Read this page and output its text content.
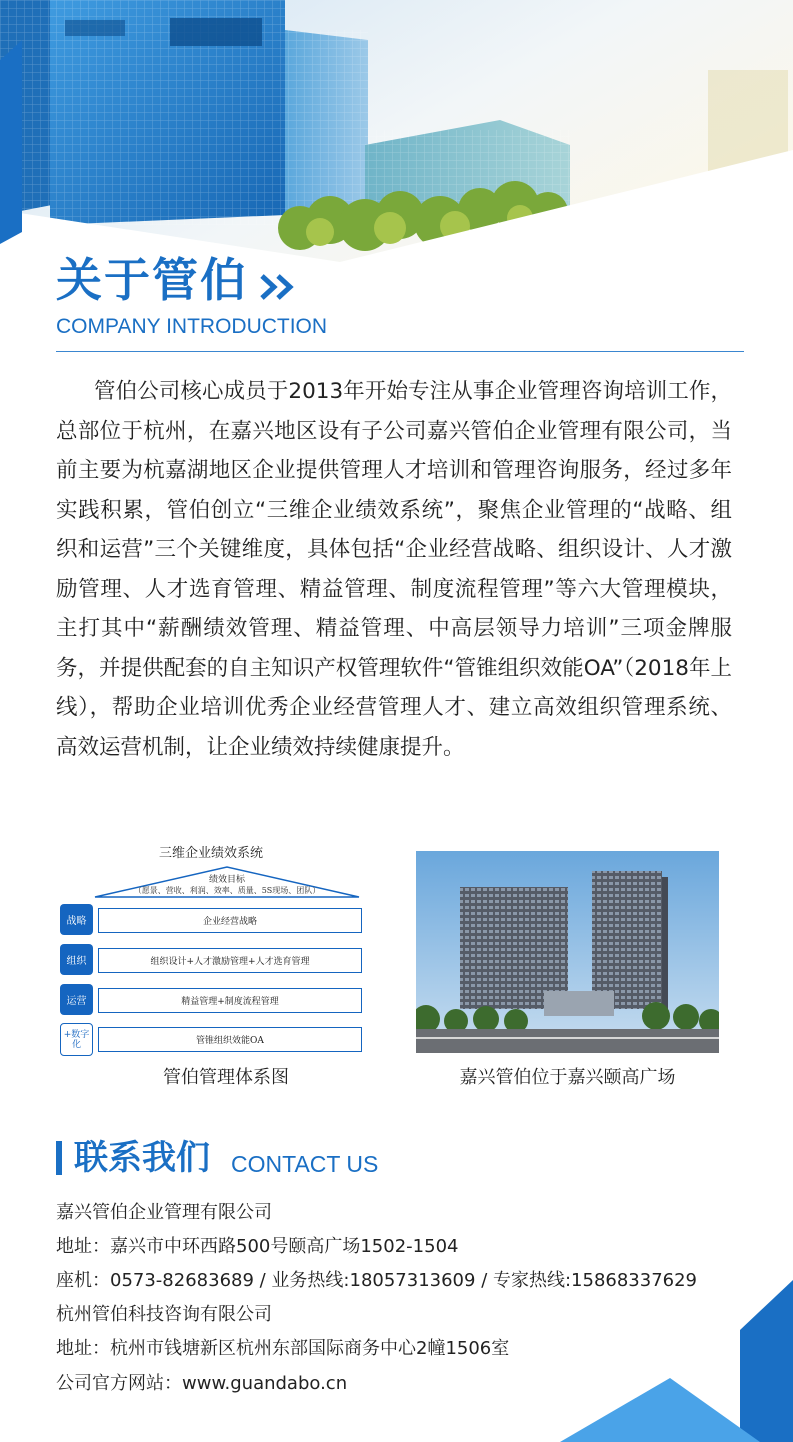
关于管伯
COMPANY INTRODUCTION
管伯公司核心成员于2013年开始专注从事企业管理咨询培训工作，总部位于杭州，在嘉兴地区设有子公司嘉兴管伯企业管理有限公司，当前主要为杭嘉湖地区企业提供管理人才培训和管理咨询服务，经过多年实践积累，管伯创立“三维企业绩效系统”，聚焦企业管理的“战略、组织和运营”三个关键维度，具体包括“企业经营战略、组织设计、人才激励管理、人才选育管理、精益管理、制度流程管理”等六大管理模块，主打其中“薪酬绩效管理、精益管理、中高层领导力培训”三项金牌服务，并提供配套的自主知识产权管理软件“管锥组织效能OA”（2018年上线），帮助企业培训优秀企业经营管理人才、建立高效组织管理系统、高效运营机制，让企业绩效持续健康提升。
三维企业绩效系统
绩效目标
（愿景、营收、利润、效率、质量、5S现场、团队）
战略	企业经营战略
组织	组织设计+人才激励管理+人才选育管理
运营	精益管理+制度流程管理
+数字化	管锥组织效能OA
管伯管理体系图	嘉兴管伯位于嘉兴颐高广场
联系我们 CONTACT US
嘉兴管伯企业管理有限公司
地址：嘉兴市中环西路500号颐高广场1502-1504
座机：0573-82683689 / 业务热线:18057313609 / 专家热线:15868337629
杭州管伯科技咨询有限公司
地址：杭州市钱塘新区杭州东部国际商务中心2幢1506室
公司官方网站：www.guandabo.cn
